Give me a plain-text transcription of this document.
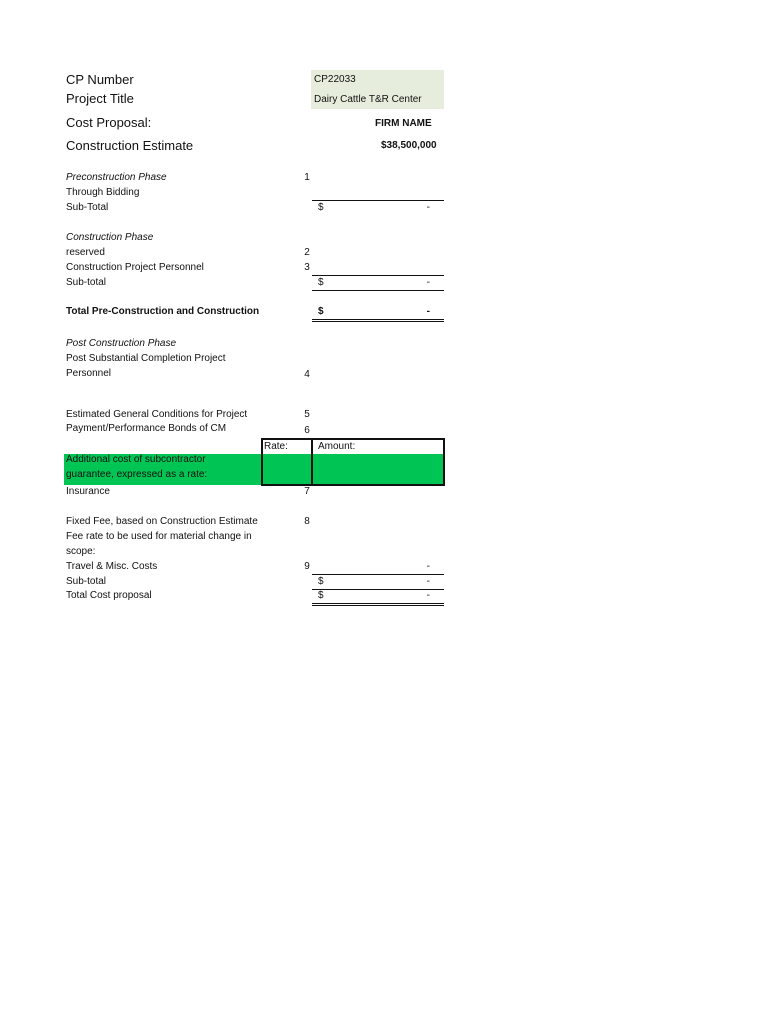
CP Number	CP22033
Project Title	Dairy Cattle T&R Center
Cost Proposal:	FIRM NAME
Construction Estimate	$38,500,000
Preconstruction Phase	1
Through Bidding
Sub-Total	$	-
Construction Phase
reserved	2
Construction Project Personnel	3
Sub-total	$	-
Total Pre-Construction and Construction	$	-
Post Construction Phase
Post Substantial Completion Project
Personnel	4
Estimated General Conditions for Project	5
Payment/Performance Bonds of CM	6
Additional cost of subcontractor
guarantee, expressed as a rate:
Rate:	Amount:
Insurance	7
Fixed Fee, based on Construction Estimate	8
Fee rate to be used for material change in
scope:
Travel & Misc. Costs	9	-
Sub-total	$	-
Total Cost proposal	$	-
